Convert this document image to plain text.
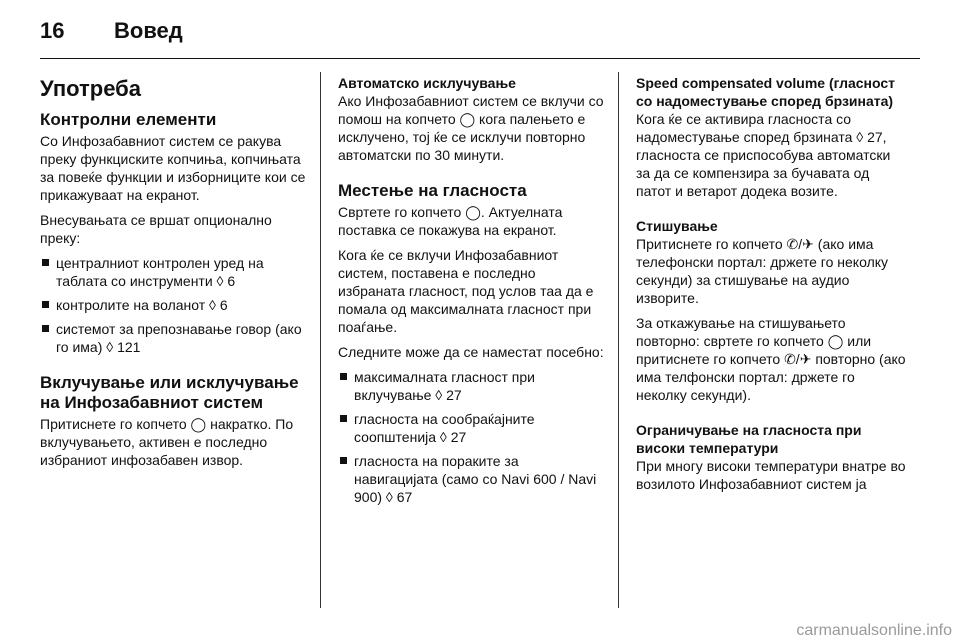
16 Вовед
Употреба
Контролни елементи

Со Инфозабавниот систем се ракува преку функциските копчиња, копчињата за повеќе функции и изборниците кои се прикажуваат на екранот.

Внесувањата се вршат опционално преку:

централниот контролен уред на таблата со инструменти ◊ 6
контролите на воланот ◊ 6
системот за препознавање говор (ако го има) ◊ 121
Вклучување или исклучување на Инфозабавниот систем

Притиснете го копчето ◯ накратко. По вклучувањето, активен е последно избраниот инфозабавен извор.

Автоматско исклучување

Ако Инфозабавниот систем се вклучи со помош на копчето ◯ кога палењето е исклучено, тој ќе се исклучи повторно автоматски по 30 минути.

Местење на гласноста

Свртете го копчето ◯. Актуелната поставка се покажува на екранот.

Кога ќе се вклучи Инфозабавниот систем, поставена е последно избраната гласност, под услов таа да е помала од максималната гласност при поаѓање.

Следните може да се наместат посебно:

максималната гласност при вклучување ◊ 27
гласноста на сообраќајните соопштенија ◊ 27
гласноста на пораките за навигацијата (само со Navi 600 / Navi 900) ◊ 67
Speed compensated volume (гласност со надоместување според брзината)

Кога ќе се активира гласноста со надоместување според брзината ◊ 27, гласноста се приспособува автоматски за да се компензира за бучавата од патот и ветарот додека возите.

Стишување

Притиснете го копчето ✆/✈ (ако има телефонски портал: држете го неколку секунди) за стишување на аудио изворите.

За откажување на стишувањето повторно: свртете го копчето ◯ или притиснете го копчето ✆/✈ повторно (ако има телфонски портал: држете го неколку секунди).

Ограничување на гласноста при високи температури

При многу високи температури внатре во возилото Инфозабавниот систем ја

carmanualsonline.info
